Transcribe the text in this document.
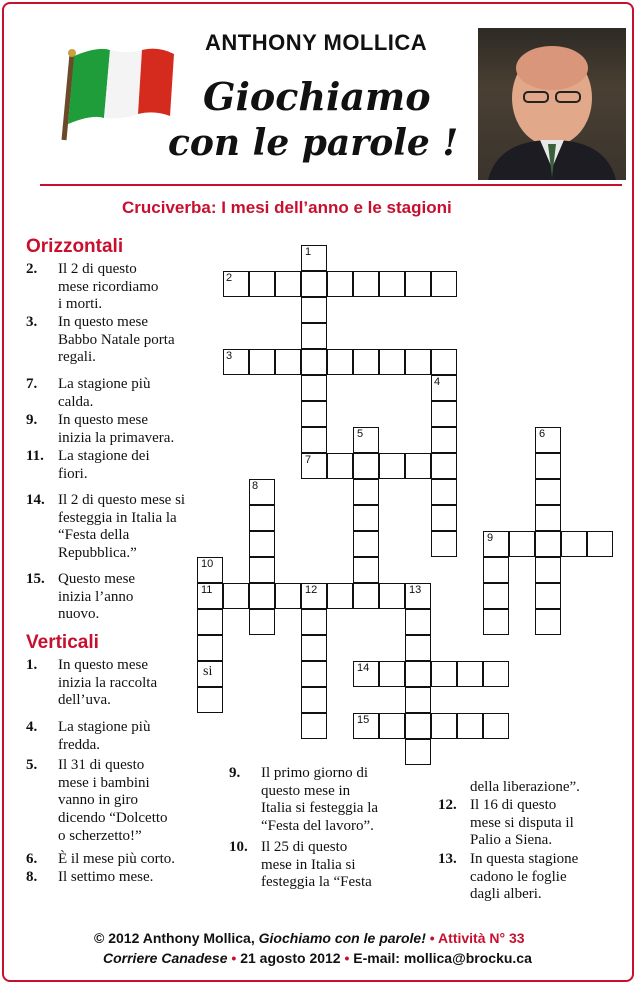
ANTHONY MOLLICA
Giochiamo
con le parole !
Cruciverba: I mesi dell’anno e le stagioni
Orizzontali
2. Il 2 di questo
mese ricordiamo
i morti.
3. In questo mese
Babbo Natale porta
regali.
7. La stagione più
calda.
9. In questo mese
inizia la primavera.
11. La stagione dei
fiori.
14. Il 2 di questo mese si
festeggia in Italia la
“Festa della
Repubblica.”
15. Questo mese
inizia l’anno
nuovo.
Verticali
1. In questo mese
inizia la raccolta
dell’uva.
4. La stagione più
fredda.
5. Il 31 di questo
mese i bambini
vanno in giro
dicendo “Dolcetto
o scherzetto!”
6. È il mese più corto.
8. Il settimo mese.
9. Il primo giorno di
questo mese in
Italia si festeggia la
“Festa del lavoro”.
10. Il 25 di questo
mese in Italia si
festeggia la “Festa
della liberazione”.
12. Il 16 di questo
mese si disputa il
Palio a Siena.
13. In questa stagione
cadono le foglie
dagli alberi.
1
2
3
4
5	6
7
8
9
10
11	12	13
14
15
si
© 2012 Anthony Mollica, Giochiamo con le parole! • Attività N° 33
Corriere Canadese • 21 agosto 2012 • E-mail: mollica@brocku.ca
